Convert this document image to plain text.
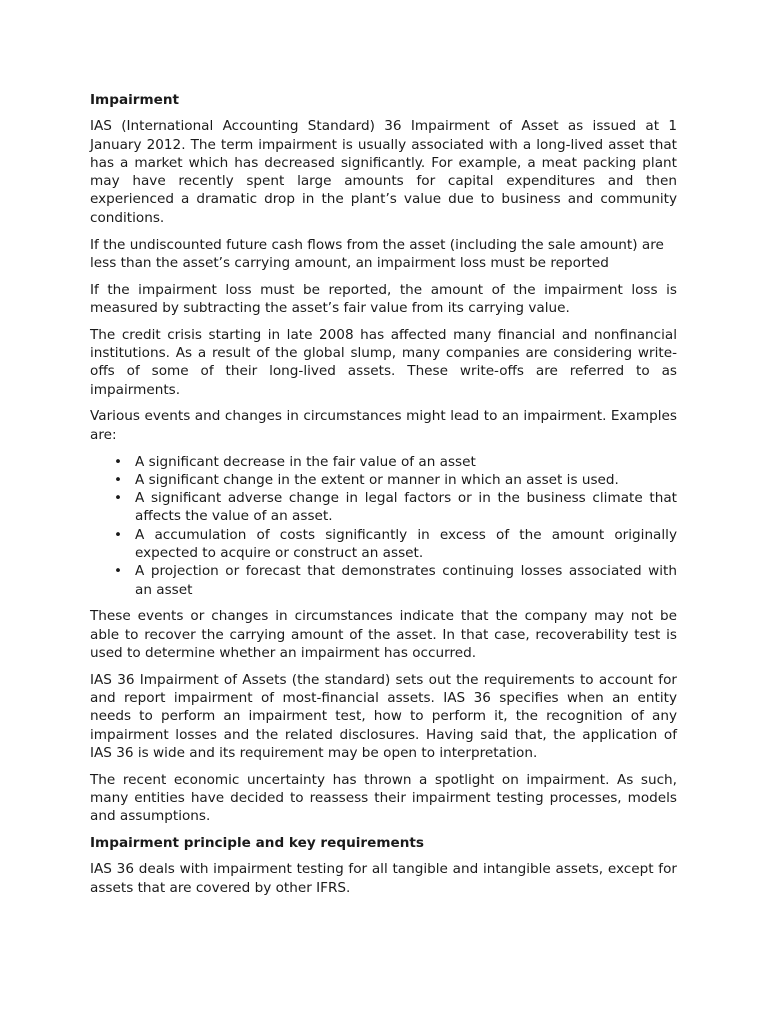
Impairment

IAS (International Accounting Standard) 36 Impairment of Asset as issued at 1 January 2012. The term impairment is usually associated with a long-lived asset that has a market which has decreased significantly. For example, a meat packing plant may have recently spent large amounts for capital expenditures and then experienced a dramatic drop in the plant’s value due to business and community conditions.

If the undiscounted future cash flows from the asset (including the sale amount) are less than the asset’s carrying amount, an impairment loss must be reported

If the impairment loss must be reported, the amount of the impairment loss is measured by subtracting the asset’s fair value from its carrying value.

The credit crisis starting in late 2008 has affected many financial and nonfinancial institutions. As a result of the global slump, many companies are considering write-offs of some of their long-lived assets. These write-offs are referred to as impairments.

Various events and changes in circumstances might lead to an impairment. Examples are:

• A significant decrease in the fair value of an asset
• A significant change in the extent or manner in which an asset is used.
• A significant adverse change in legal factors or in the business climate that affects the value of an asset.
• A accumulation of costs significantly in excess of the amount originally expected to acquire or construct an asset.
• A projection or forecast that demonstrates continuing losses associated with an asset

These events or changes in circumstances indicate that the company may not be able to recover the carrying amount of the asset. In that case, recoverability test is used to determine whether an impairment has occurred.

IAS 36 Impairment of Assets (the standard) sets out the requirements to account for and report impairment of most-financial assets. IAS 36 specifies when an entity needs to perform an impairment test, how to perform it, the recognition of any impairment losses and the related disclosures. Having said that, the application of IAS 36 is wide and its requirement may be open to interpretation.

The recent economic uncertainty has thrown a spotlight on impairment. As such, many entities have decided to reassess their impairment testing processes, models and assumptions.

Impairment principle and key requirements

IAS 36 deals with impairment testing for all tangible and intangible assets, except for assets that are covered by other IFRS.
